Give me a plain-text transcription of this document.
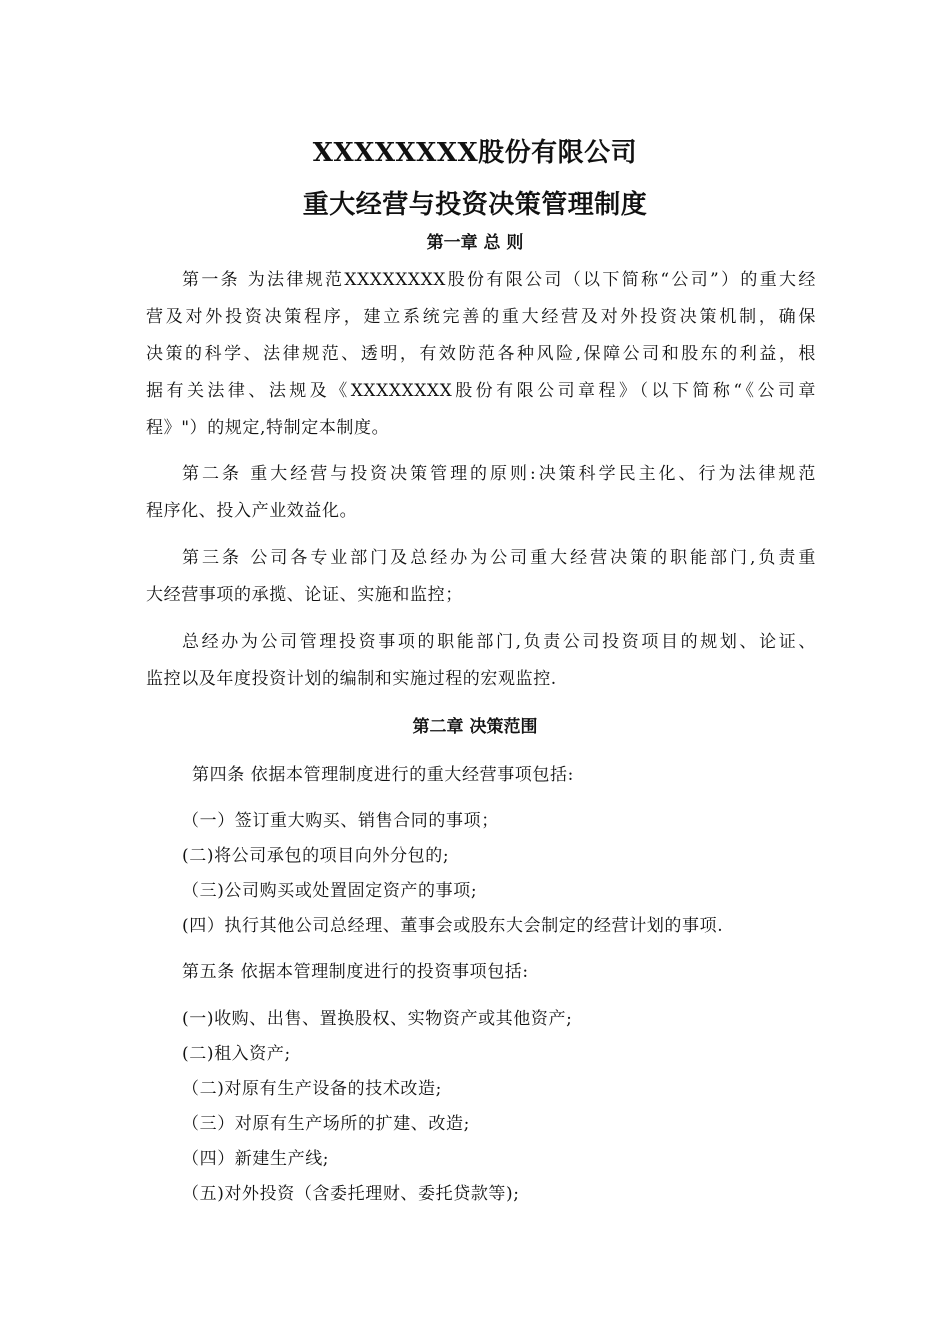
XXXXXXXX股份有限公司
重大经营与投资决策管理制度
第一章 总 则
第一条 为法律规范XXXXXXXX股份有限公司（以下简称“公司”）的重大经
营及对外投资决策程序，建立系统完善的重大经营及对外投资决策机制，确保
决策的科学、法律规范、透明，有效防范各种风险,保障公司和股东的利益，根
据有关法律、法规及《XXXXXXXX股份有限公司章程》（以下简称“《公司章
程》"）的规定,特制定本制度。
第二条 重大经营与投资决策管理的原则:决策科学民主化、行为法律规范
程序化、投入产业效益化。
第三条 公司各专业部门及总经办为公司重大经营决策的职能部门,负责重
大经营事项的承揽、论证、实施和监控；
总经办为公司管理投资事项的职能部门,负责公司投资项目的规划、论证、
监控以及年度投资计划的编制和实施过程的宏观监控.
第二章 决策范围
第四条 依据本管理制度进行的重大经营事项包括:
（一）签订重大购买、销售合同的事项；
(二)将公司承包的项目向外分包的;
（三)公司购买或处置固定资产的事项;
(四）执行其他公司总经理、董事会或股东大会制定的经营计划的事项.
第五条 依据本管理制度进行的投资事项包括:
(一)收购、出售、置换股权、实物资产或其他资产;
(二)租入资产;
（二)对原有生产设备的技术改造;
（三）对原有生产场所的扩建、改造;
（四）新建生产线;
（五)对外投资（含委托理财、委托贷款等);
